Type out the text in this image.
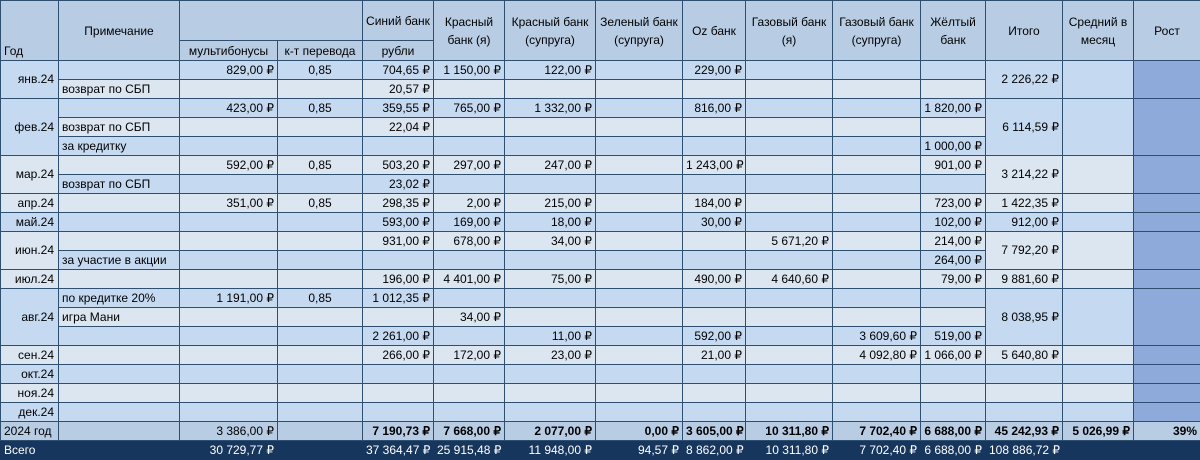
Год	Примечание			Синий банк	Красный банк (я)	Красный банк (супруга)	Зеленый банк (супруга)	Oz банк	Газовый банк (я)	Газовый банк (супруга)	Жёлтый банк	Итого	Средний в месяц	Рост
		мультибонусы	к-т перевода	рубли										
янв.24		829,00 ₽	0,85	704,65 ₽	1 150,00 ₽	122,00 ₽		229,00 ₽				2 226,22 ₽		
	возврат по СБП			20,57 ₽										
фев.24		423,00 ₽	0,85	359,55 ₽	765,00 ₽	1 332,00 ₽		816,00 ₽			1 820,00 ₽	6 114,59 ₽		
	возврат по СБП			22,04 ₽										
	за кредитку										1 000,00 ₽			
мар.24		592,00 ₽	0,85	503,20 ₽	297,00 ₽	247,00 ₽		1 243,00 ₽			901,00 ₽	3 214,22 ₽		
	возврат по СБП			23,02 ₽										
апр.24		351,00 ₽	0,85	298,35 ₽	2,00 ₽	215,00 ₽		184,00 ₽			723,00 ₽	1 422,35 ₽		
май.24				593,00 ₽	169,00 ₽	18,00 ₽		30,00 ₽			102,00 ₽	912,00 ₽		
июн.24				931,00 ₽	678,00 ₽	34,00 ₽			5 671,20 ₽		214,00 ₽	7 792,20 ₽		
	за участие в акции										264,00 ₽			
июл.24				196,00 ₽	4 401,00 ₽	75,00 ₽		490,00 ₽	4 640,60 ₽		79,00 ₽	9 881,60 ₽		
авг.24	по кредитке 20%	1 191,00 ₽	0,85	1 012,35 ₽								8 038,95 ₽		
	игра Мани				34,00 ₽									
				2 261,00 ₽		11,00 ₽		592,00 ₽		3 609,60 ₽	519,00 ₽			
сен.24				266,00 ₽	172,00 ₽	23,00 ₽		21,00 ₽		4 092,80 ₽	1 066,00 ₽	5 640,80 ₽		
окт.24														
ноя.24														
дек.24														
2024 год		3 386,00 ₽		7 190,73 ₽	7 668,00 ₽	2 077,00 ₽	0,00 ₽	3 605,00 ₽	10 311,80 ₽	7 702,40 ₽	6 688,00 ₽	45 242,93 ₽	5 026,99 ₽	39%
Всего		30 729,77 ₽		37 364,47 ₽	25 915,48 ₽	11 948,00 ₽	94,57 ₽	8 862,00 ₽	10 311,80 ₽	7 702,40 ₽	6 688,00 ₽	108 886,72 ₽		
